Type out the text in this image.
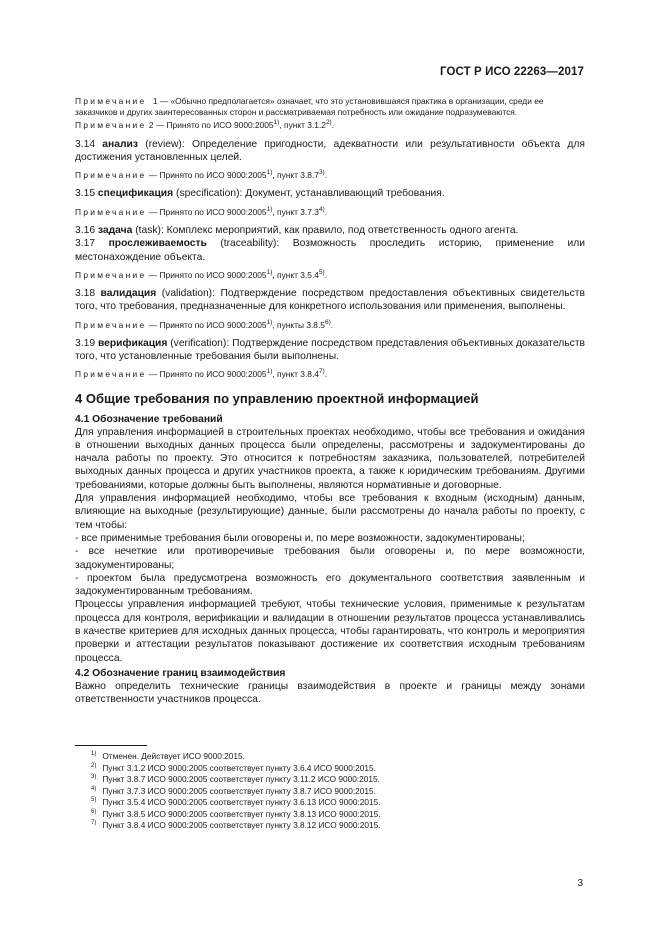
ГОСТ Р ИСО 22263—2017

Примечание 1 — «Обычно предполагается» означает, что это установившаяся практика в организации, среди ее заказчиков и других заинтересованных сторон и рассматриваемая потребность или ожидание подразумеваются.

Примечание 2 — Принято по ИСО 9000:2005$^{1)}$, пункт 3.1.2$^{2)}$.

3.14 анализ (review): Определение пригодности, адекватности или результативности объекта для достижения установленных целей.

Примечание — Принято по ИСО 9000:2005$^{1)}$, пункт 3.8.7$^{3)}$.

3.15 спецификация (specification): Документ, устанавливающий требования.

Примечание — Принято по ИСО 9000:2005$^{1)}$, пункт 3.7.3$^{4)}$.

3.16 задача (task): Комплекс мероприятий, как правило, под ответственность одного агента.

3.17 прослеживаемость (traceability): Возможность проследить историю, применение или местонахождение объекта.

Примечание — Принято по ИСО 9000:2005$^{1)}$, пункт 3.5.4$^{5)}$.

3.18 валидация (validation): Подтверждение посредством предоставления объективных свидетельств того, что требования, предназначенные для конкретного использования или применения, выполнены.

Примечание — Принято по ИСО 9000:2005$^{1)}$, пункты 3.8.5$^{6)}$.

3.19 верификация (verification): Подтверждение посредством представления объективных доказательств того, что установленные требования были выполнены.

Примечание — Принято по ИСО 9000:2005$^{1)}$, пункт 3.8.4$^{7)}$.

4 Общие требования по управлению проектной информацией

4.1 Обозначение требований

Для управления информацией в строительных проектах необходимо, чтобы все требования и ожидания в отношении выходных данных процесса были определены, рассмотрены и задокументированы до начала работы по проекту. Это относится к потребностям заказчика, пользователей, потребителей выходных данных процесса и других участников проекта, а также к юридическим требованиям. Другими требованиями, которые должны быть выполнены, являются нормативные и договорные.

Для управления информацией необходимо, чтобы все требования к входным (исходным) данным, влияющие на выходные (результирующие) данные, были рассмотрены до начала работы по проекту, с тем чтобы:

- все применимые требования были оговорены и, по мере возможности, задокументированы;

- все нечеткие или противоречивые требования были оговорены и, по мере возможности, задокументированы;

- проектом была предусмотрена возможность его документального соответствия заявленным и задокументированным требованиям.

Процессы управления информацией требуют, чтобы технические условия, применимые к результатам процесса для контроля, верификации и валидации в отношении результатов процесса устанавливались в качестве критериев для исходных данных процесса, чтобы гарантировать, что контроль и мероприятия проверки и аттестации результатов показывают достижение их соответствия исходным требованиям процесса.

4.2 Обозначение границ взаимодействия

Важно определить технические границы взаимодействия в проекте и границы между зонами ответственности участников процесса.

$^{1)}$ Отменен. Действует ИСО 9000:2015.

$^{2)}$ Пункт 3.1.2 ИСО 9000:2005 соответствует пункту 3.6.4 ИСО 9000:2015.

$^{3)}$ Пункт 3.8.7 ИСО 9000:2005 соответствует пункту 3.11.2 ИСО 9000:2015.

$^{4)}$ Пункт 3.7.3 ИСО 9000:2005 соответствует пункту 3.8.7 ИСО 9000:2015.

$^{5)}$ Пункт 3.5.4 ИСО 9000:2005 соответствует пункту 3.6.13 ИСО 9000:2015.

$^{6)}$ Пункт 3.8.5 ИСО 9000:2005 соответствует пункту 3.8.13 ИСО 9000:2015.

$^{7)}$ Пункт 3.8.4 ИСО 9000:2005 соответствует пункту 3.8.12 ИСО 9000:2015.

3
